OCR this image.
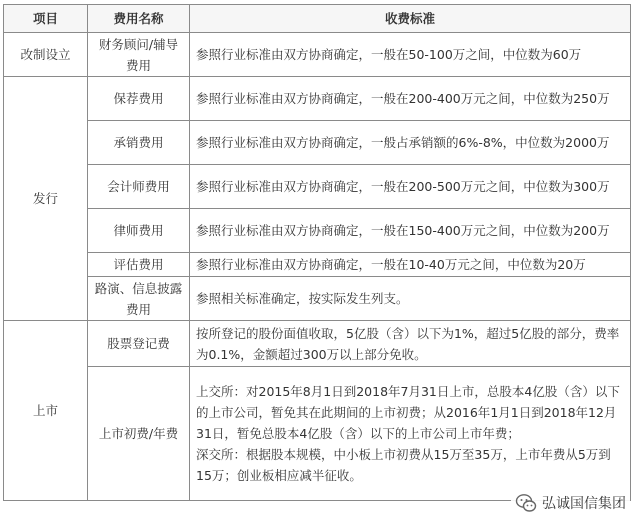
项目	费用名称	收费标准
改制设立	财务顾问/辅导费用	参照行业标准由双方协商确定，一般在50-100万之间，中位数为60万
发行	保荐费用	参照行业标准由双方协商确定，一般在200-400万元之间，中位数为250万
	承销费用	参照行业标准由双方协商确定，一般占承销额的6%-8%，中位数为2000万
	会计师费用	参照行业标准由双方协商确定，一般在200-500万元之间，中位数为300万
	律师费用	参照行业标准由双方协商确定，一般在150-400万元之间，中位数为200万
	评估费用	参照行业标准由双方协商确定，一般在10-40万元之间，中位数为20万
	路演、信息披露费用	参照相关标准确定，按实际发生列支。
上市	股票登记费	按所登记的股份面值收取，5亿股（含）以下为1%，超过5亿股的部分，费率为0.1%，金额超过300万以上部分免收。
	上市初费/年费	上交所：对2015年8月1日到2018年7月31日上市，总股本4亿股（含）以下的上市公司，暂免其在此期间的上市初费；从2016年1月1日到2018年12月31日，暂免总股本4亿股（含）以下的上市公司上市年费；
深交所：根据股本规模，中小板上市初费从15万至35万，上市年费从5万到15万；创业板相应减半征收。
弘诚国信集团
